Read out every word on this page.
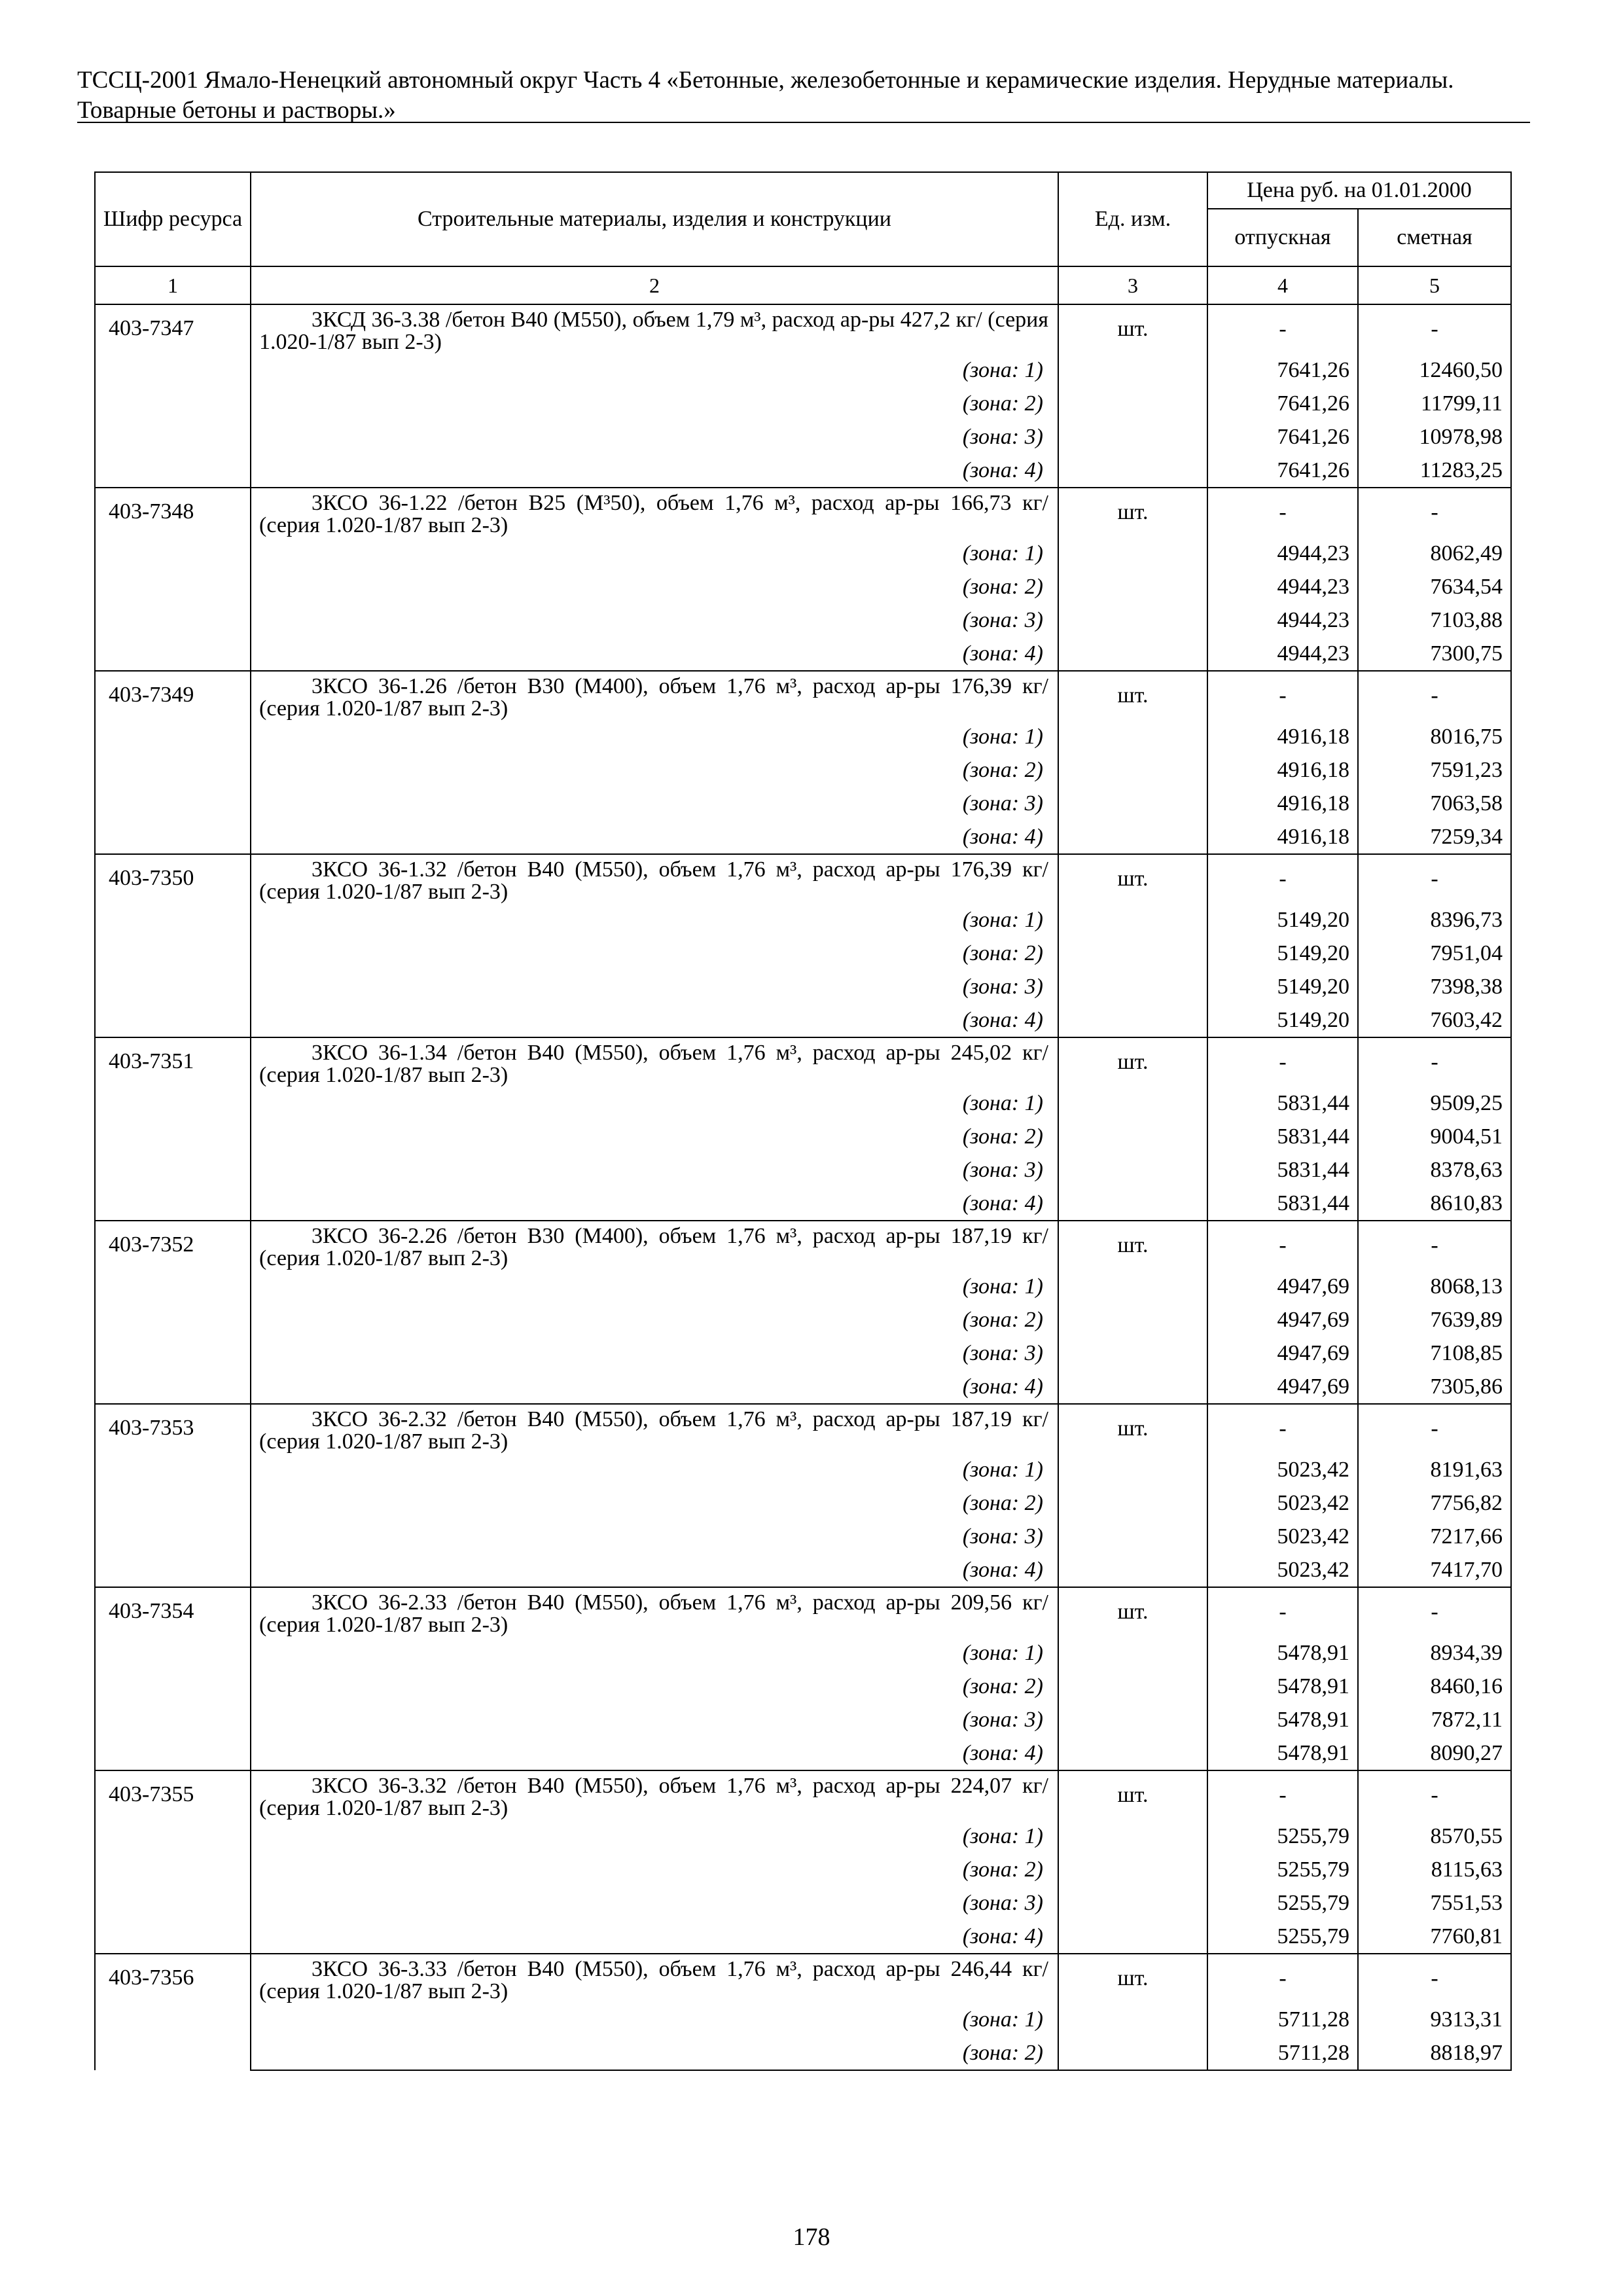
ТССЦ-2001 Ямало-Ненецкий автономный округ Часть 4 «Бетонные, железобетонные и керамические изделия. Нерудные материалы.
Товарные бетоны и растворы.»
Шифр ресурса	Строительные материалы, изделия и конструкции	Ед. изм.	Цена руб. на 01.01.2000	
			отпускная	сметная
1	2	3	4	5
403-7347	3КСД 36-3.38 /бетон В40 (М550), объем 1,79 м³, расход ар-ры 427,2 кг/ (серия 1.020-1/87 вып 2-3)	шт.	-	-
	(зона: 1)		7641,26	12460,50
	(зона: 2)		7641,26	11799,11
	(зона: 3)		7641,26	10978,98
	(зона: 4)		7641,26	11283,25
403-7348	3КСО 36-1.22 /бетон В25 (М³50), объем 1,76 м³, расход ар-ры 166,73 кг/ (серия 1.020-1/87 вып 2-3)	шт.	-	-
	(зона: 1)		4944,23	8062,49
	(зона: 2)		4944,23	7634,54
	(зона: 3)		4944,23	7103,88
	(зона: 4)		4944,23	7300,75
403-7349	3КСО 36-1.26 /бетон В30 (М400), объем 1,76 м³, расход ар-ры 176,39 кг/ (серия 1.020-1/87 вып 2-3)	шт.	-	-
	(зона: 1)		4916,18	8016,75
	(зона: 2)		4916,18	7591,23
	(зона: 3)		4916,18	7063,58
	(зона: 4)		4916,18	7259,34
403-7350	3КСО 36-1.32 /бетон В40 (М550), объем 1,76 м³, расход ар-ры 176,39 кг/ (серия 1.020-1/87 вып 2-3)	шт.	-	-
	(зона: 1)		5149,20	8396,73
	(зона: 2)		5149,20	7951,04
	(зона: 3)		5149,20	7398,38
	(зона: 4)		5149,20	7603,42
403-7351	3КСО 36-1.34 /бетон В40 (М550), объем 1,76 м³, расход ар-ры 245,02 кг/ (серия 1.020-1/87 вып 2-3)	шт.	-	-
	(зона: 1)		5831,44	9509,25
	(зона: 2)		5831,44	9004,51
	(зона: 3)		5831,44	8378,63
	(зона: 4)		5831,44	8610,83
403-7352	3КСО 36-2.26 /бетон В30 (М400), объем 1,76 м³, расход ар-ры 187,19 кг/ (серия 1.020-1/87 вып 2-3)	шт.	-	-
	(зона: 1)		4947,69	8068,13
	(зона: 2)		4947,69	7639,89
	(зона: 3)		4947,69	7108,85
	(зона: 4)		4947,69	7305,86
403-7353	3КСО 36-2.32 /бетон В40 (М550), объем 1,76 м³, расход ар-ры 187,19 кг/ (серия 1.020-1/87 вып 2-3)	шт.	-	-
	(зона: 1)		5023,42	8191,63
	(зона: 2)		5023,42	7756,82
	(зона: 3)		5023,42	7217,66
	(зона: 4)		5023,42	7417,70
403-7354	3КСО 36-2.33 /бетон В40 (М550), объем 1,76 м³, расход ар-ры 209,56 кг/ (серия 1.020-1/87 вып 2-3)	шт.	-	-
	(зона: 1)		5478,91	8934,39
	(зона: 2)		5478,91	8460,16
	(зона: 3)		5478,91	7872,11
	(зона: 4)		5478,91	8090,27
403-7355	3КСО 36-3.32 /бетон В40 (М550), объем 1,76 м³, расход ар-ры 224,07 кг/ (серия 1.020-1/87 вып 2-3)	шт.	-	-
	(зона: 1)		5255,79	8570,55
	(зона: 2)		5255,79	8115,63
	(зона: 3)		5255,79	7551,53
	(зона: 4)		5255,79	7760,81
403-7356	3КСО 36-3.33 /бетон В40 (М550), объем 1,76 м³, расход ар-ры 246,44 кг/ (серия 1.020-1/87 вып 2-3)	шт.	-	-
	(зона: 1)		5711,28	9313,31
	(зона: 2)		5711,28	8818,97
178
